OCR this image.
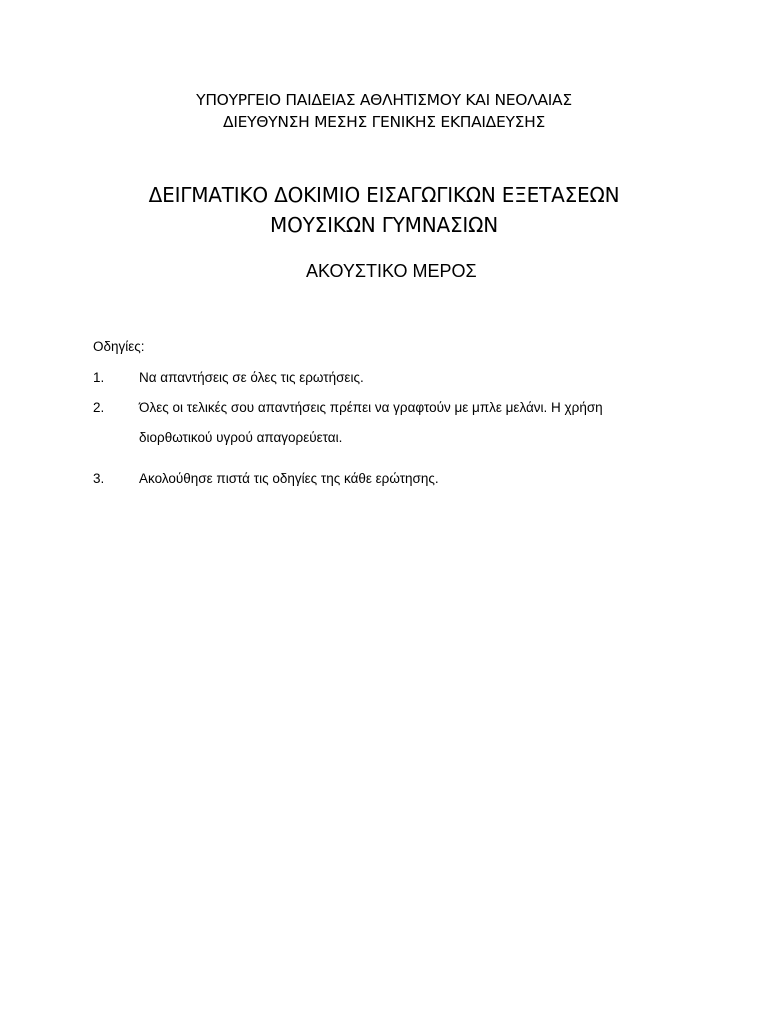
ΥΠΟΥΡΓΕΙΟ ΠΑΙΔΕΙΑΣ ΑΘΛΗΤΙΣΜΟΥ ΚΑΙ ΝΕΟΛΑΙΑΣ
ΔΙΕΥΘΥΝΣΗ ΜΕΣΗΣ ΓΕΝΙΚΗΣ ΕΚΠΑΙΔΕΥΣΗΣ
ΔΕΙΓΜΑΤΙΚΟ ΔΟΚΙΜΙΟ ΕΙΣΑΓΩΓΙΚΩΝ ΕΞΕΤΑΣΕΩΝ
ΜΟΥΣΙΚΩΝ ΓΥΜΝΑΣΙΩΝ
ΑΚΟΥΣΤΙΚΟ ΜΕΡΟΣ
Οδηγίες:
1.	Να απαντήσεις σε όλες τις ερωτήσεις.
2.	Όλες οι τελικές σου απαντήσεις πρέπει να γραφτούν με μπλε μελάνι. Η χρήση διορθωτικού υγρού απαγορεύεται.
3.	Ακολούθησε πιστά τις οδηγίες της κάθε ερώτησης.
